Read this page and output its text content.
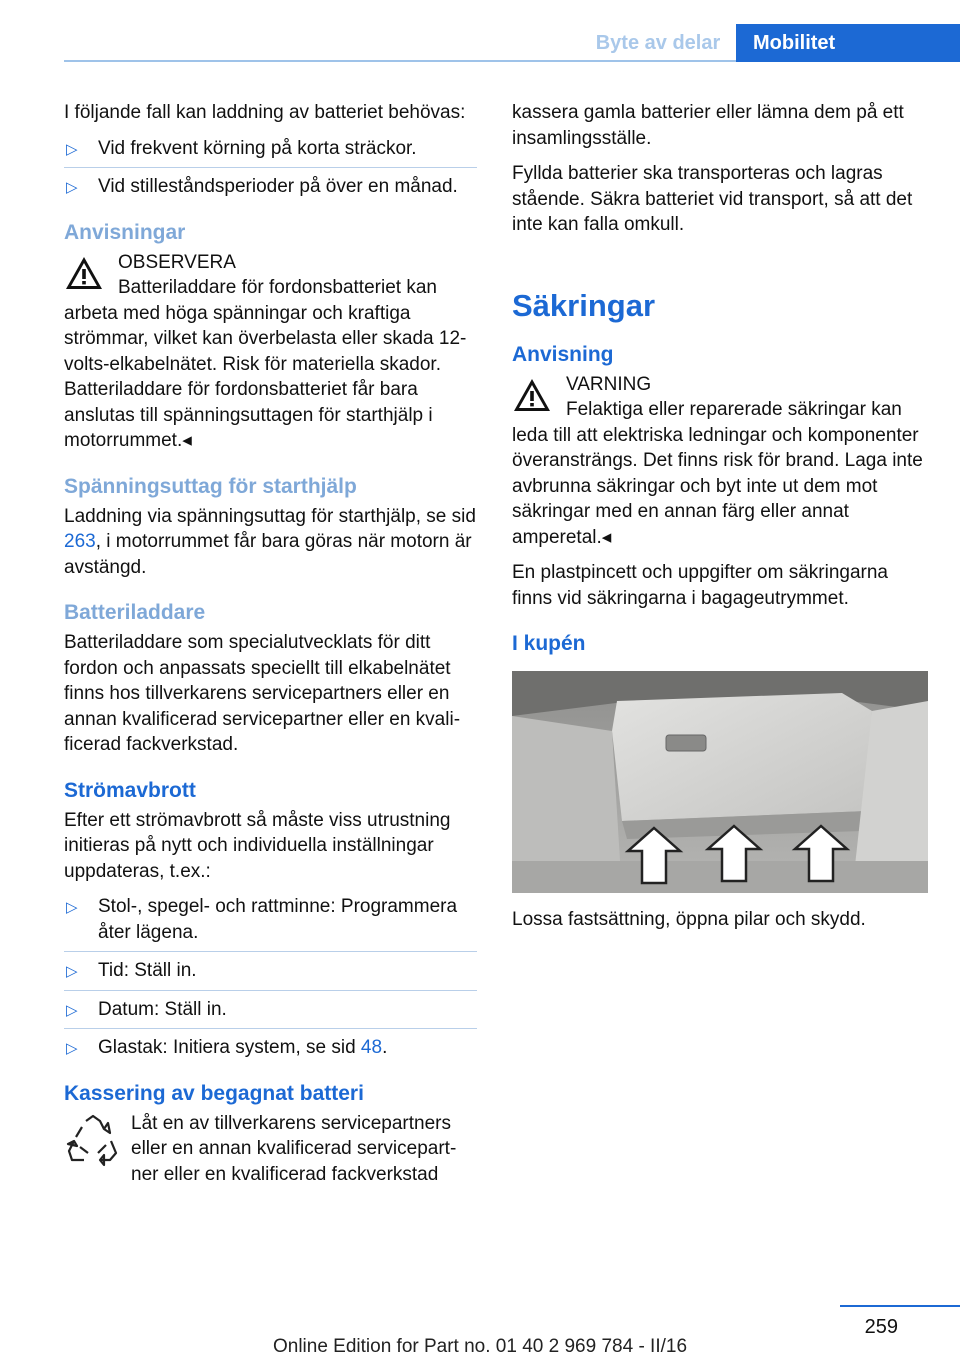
Byte av delar	Mobilitet

I följande fall kan laddning av batteriet behövas:

▷ Vid frekvent körning på korta sträckor.
▷ Vid stilleståndsperioder på över en månad.
Anvisningar
OBSERVERA

Batteriladdare för fordonsbatteriet kan arbeta med höga spänningar och kraftiga strömmar, vilket kan överbelasta eller skada 12-volts-elkabelnätet. Risk för materiella skador. Batteriladdare för fordonsbatteriet får bara anslutas till spänningsuttagen för starthjälp i motorrummet.◂

Spänningsuttag för starthjälp

Laddning via spänningsuttag för starthjälp, se sid 263, i motorrummet får bara göras när motorn är avstängd.

Batteriladdare

Batteriladdare som specialutvecklats för ditt fordon och anpassats speciellt till elkabelnätet finns hos tillverkarens servicepartners eller en annan kvalificerad servicepartner eller en kvalificerad fackverkstad.

Strömavbrott

Efter ett strömavbrott så måste viss utrustning initieras på nytt och individuella inställningar uppdateras, t.ex.:

▷ Stol-, spegel- och rattminne: Programmera åter lägena.
▷ Tid: Ställ in.
▷ Datum: Ställ in.
▷ Glastak: Initiera system, se sid 48.
Kassering av begagnat batteri

Låt en av tillverkarens servicepartners eller en annan kvalificerad servicepartner eller en kvalificerad fackverkstad

kassera gamla batterier eller lämna dem på ett insamlingsställe.

Fyllda batterier ska transporteras och lagras stående. Säkra batteriet vid transport, så att det inte kan falla omkull.

Säkringar
Anvisning
VARNING

Felaktiga eller reparerade säkringar kan leda till att elektriska ledningar och komponenter överansträngs. Det finns risk för brand. Laga inte avbrunna säkringar och byt inte ut dem mot säkringar med en annan färg eller annat amperetal.◂

En plastpincett och uppgifter om säkringarna finns vid säkringarna i bagageutrymmet.

I kupén

Lossa fastsättning, öppna pilar och skydd.

259
Online Edition for Part no. 01 40 2 969 784 - II/16
